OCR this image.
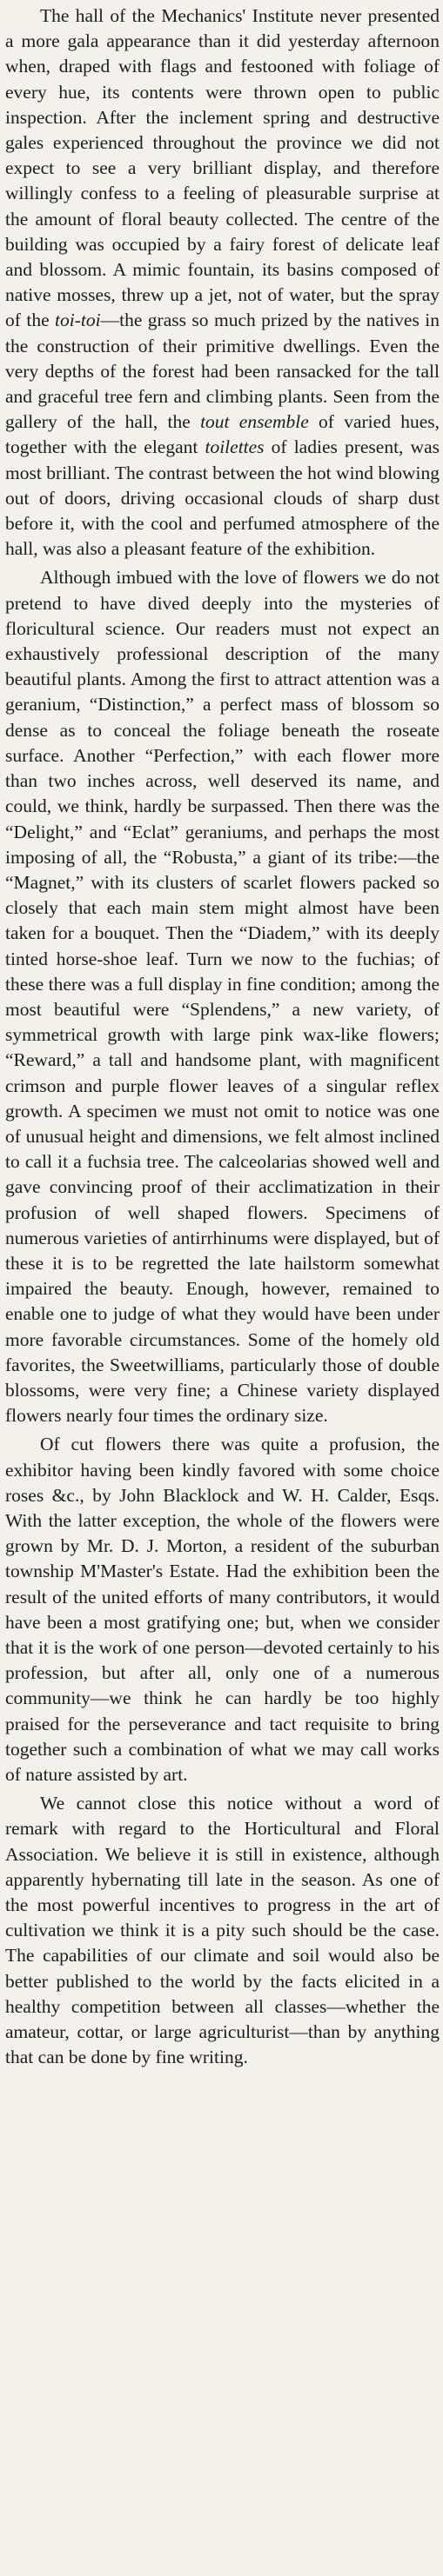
The hall of the Mechanics' Institute never presented a more gala appearance than it did yesterday afternoon when, draped with flags and festooned with foliage of every hue, its contents were thrown open to public inspection. After the inclement spring and destructive gales experienced throughout the province we did not expect to see a very brilliant display, and therefore willingly confess to a feeling of pleasurable surprise at the amount of floral beauty collected. The centre of the building was occupied by a fairy forest of delicate leaf and blossom. A mimic fountain, its basins composed of native mosses, threw up a jet, not of water, but the spray of the toi-toi—the grass so much prized by the natives in the construction of their primitive dwellings. Even the very depths of the forest had been ransacked for the tall and graceful tree fern and climbing plants. Seen from the gallery of the hall, the tout ensemble of varied hues, together with the elegant toilettes of ladies present, was most brilliant. The contrast between the hot wind blowing out of doors, driving occasional clouds of sharp dust before it, with the cool and perfumed atmosphere of the hall, was also a pleasant feature of the exhibition.

Although imbued with the love of flowers we do not pretend to have dived deeply into the mysteries of floricultural science. Our readers must not expect an exhaustively professional description of the many beautiful plants. Among the first to attract attention was a geranium, “Distinction,” a perfect mass of blossom so dense as to conceal the foliage beneath the roseate surface. Another “Perfection,” with each flower more than two inches across, well deserved its name, and could, we think, hardly be surpassed. Then there was the “Delight,” and “Eclat” geraniums, and perhaps the most imposing of all, the “Robusta,” a giant of its tribe:—the “Magnet,” with its clusters of scarlet flowers packed so closely that each main stem might almost have been taken for a bouquet. Then the “Diadem,” with its deeply tinted horse-shoe leaf. Turn we now to the fuchias; of these there was a full display in fine condition; among the most beautiful were “Splendens,” a new variety, of symmetrical growth with large pink wax-like flowers; “Reward,” a tall and handsome plant, with magnificent crimson and purple flower leaves of a singular reflex growth. A specimen we must not omit to notice was one of unusual height and dimensions, we felt almost inclined to call it a fuchsia tree. The calceolarias showed well and gave convincing proof of their acclimatization in their profusion of well shaped flowers. Specimens of numerous varieties of antirrhinums were displayed, but of these it is to be regretted the late hailstorm somewhat impaired the beauty. Enough, however, remained to enable one to judge of what they would have been under more favorable circumstances. Some of the homely old favorites, the Sweetwilliams, particularly those of double blossoms, were very fine; a Chinese variety displayed flowers nearly four times the ordinary size.

Of cut flowers there was quite a profusion, the exhibitor having been kindly favored with some choice roses &c., by John Blacklock and W. H. Calder, Esqs. With the latter exception, the whole of the flowers were grown by Mr. D. J. Morton, a resident of the suburban township M'Master's Estate. Had the exhibition been the result of the united efforts of many contributors, it would have been a most gratifying one; but, when we consider that it is the work of one person—devoted certainly to his profession, but after all, only one of a numerous community—we think he can hardly be too highly praised for the perseverance and tact requisite to bring together such a combination of what we may call works of nature assisted by art.

We cannot close this notice without a word of remark with regard to the Horticultural and Floral Association. We believe it is still in existence, although apparently hybernating till late in the season. As one of the most powerful incentives to progress in the art of cultivation we think it is a pity such should be the case. The capabilities of our climate and soil would also be better published to the world by the facts elicited in a healthy competition between all classes—whether the amateur, cottar, or large agriculturist—than by anything that can be done by fine writing.
